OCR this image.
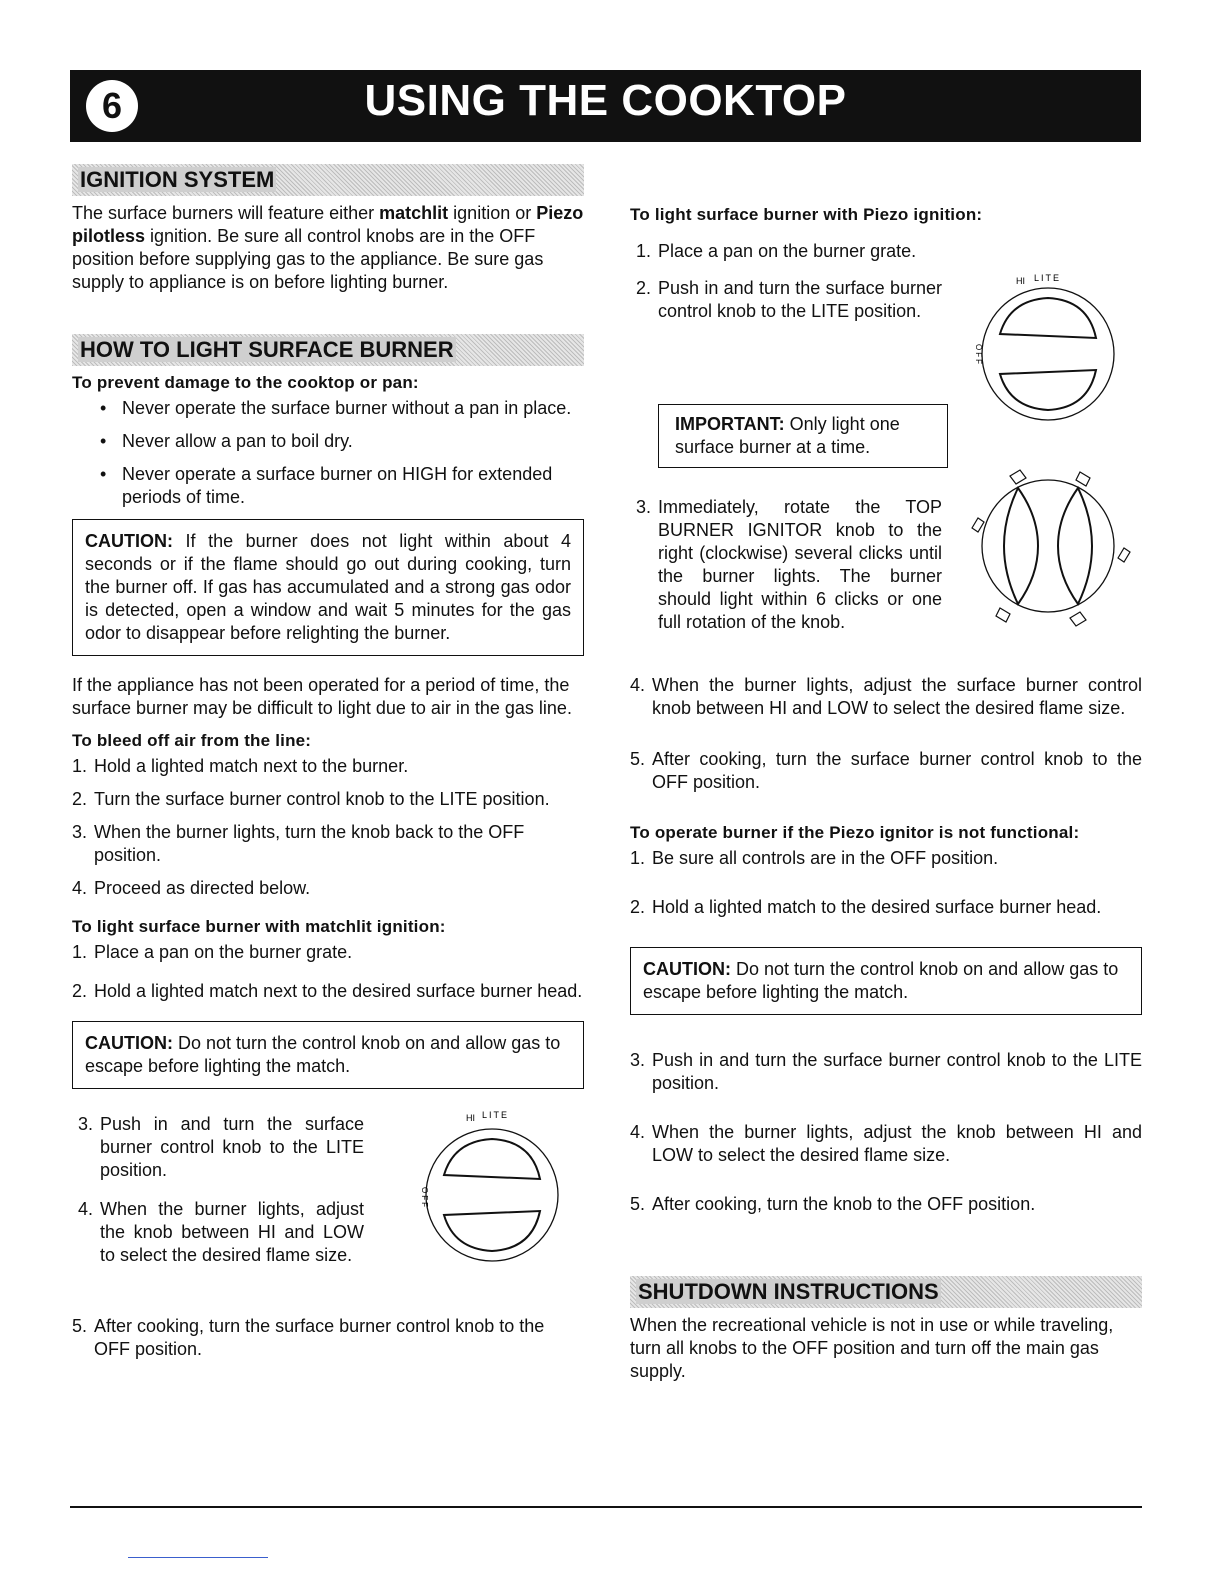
6	USING THE COOKTOP
IGNITION SYSTEM

The surface burners will feature either matchlit ignition or Piezo pilotless ignition. Be sure all control knobs are in the OFF position before supplying gas to the appliance. Be sure gas supply to appliance is on before lighting burner.

HOW TO LIGHT SURFACE BURNER
To prevent damage to the cooktop or pan:
• Never operate the surface burner without a pan in place.
• Never allow a pan to boil dry.
• Never operate a surface burner on HIGH for extended periods of time.
CAUTION: If the burner does not light within about 4 seconds or if the flame should go out during cooking, turn the burner off. If gas has accumulated and a strong gas odor is detected, open a window and wait 5 minutes for the gas odor to disappear before relighting the burner.

If the appliance has not been operated for a period of time, the surface burner may be difficult to light due to air in the gas line.

To bleed off air from the line:
1. Hold a lighted match next to the burner.
2. Turn the surface burner control knob to the LITE position.
3. When the burner lights, turn the knob back to the OFF position.
4. Proceed as directed below.
To light surface burner with matchlit ignition:
1. Place a pan on the burner grate.
2. Hold a lighted match next to the desired surface burner head.
CAUTION: Do not turn the control knob on and allow gas to escape before lighting the match.
3. Push in and turn the surface burner control knob to the LITE position.
4. When the burner lights, adjust the knob between HI and LOW to select the desired flame size.
HI LITE
OFF
5. After cooking, turn the surface burner control knob to the OFF position.
To light surface burner with Piezo ignition:
1. Place a pan on the burner grate.
2. Push in and turn the surface burner control knob to the LITE position.
IMPORTANT: Only light one surface burner at a time.
3. Immediately, rotate the TOP BURNER IGNITOR knob to the right (clockwise) several clicks until the burner lights. The burner should light within 6 clicks or one full rotation of the knob.
HI LITE
OFF
4. When the burner lights, adjust the surface burner control knob between HI and LOW to select the desired flame size.
5. After cooking, turn the surface burner control knob to the OFF position.
To operate burner if the Piezo ignitor is not functional:
1. Be sure all controls are in the OFF position.
2. Hold a lighted match to the desired surface burner head.
CAUTION: Do not turn the control knob on and allow gas to escape before lighting the match.
3. Push in and turn the surface burner control knob to the LITE position.
4. When the burner lights, adjust the knob between HI and LOW to select the desired flame size.
5. After cooking, turn the knob to the OFF position.
SHUTDOWN INSTRUCTIONS

When the recreational vehicle is not in use or while traveling, turn all knobs to the OFF position and turn off the main gas supply.
